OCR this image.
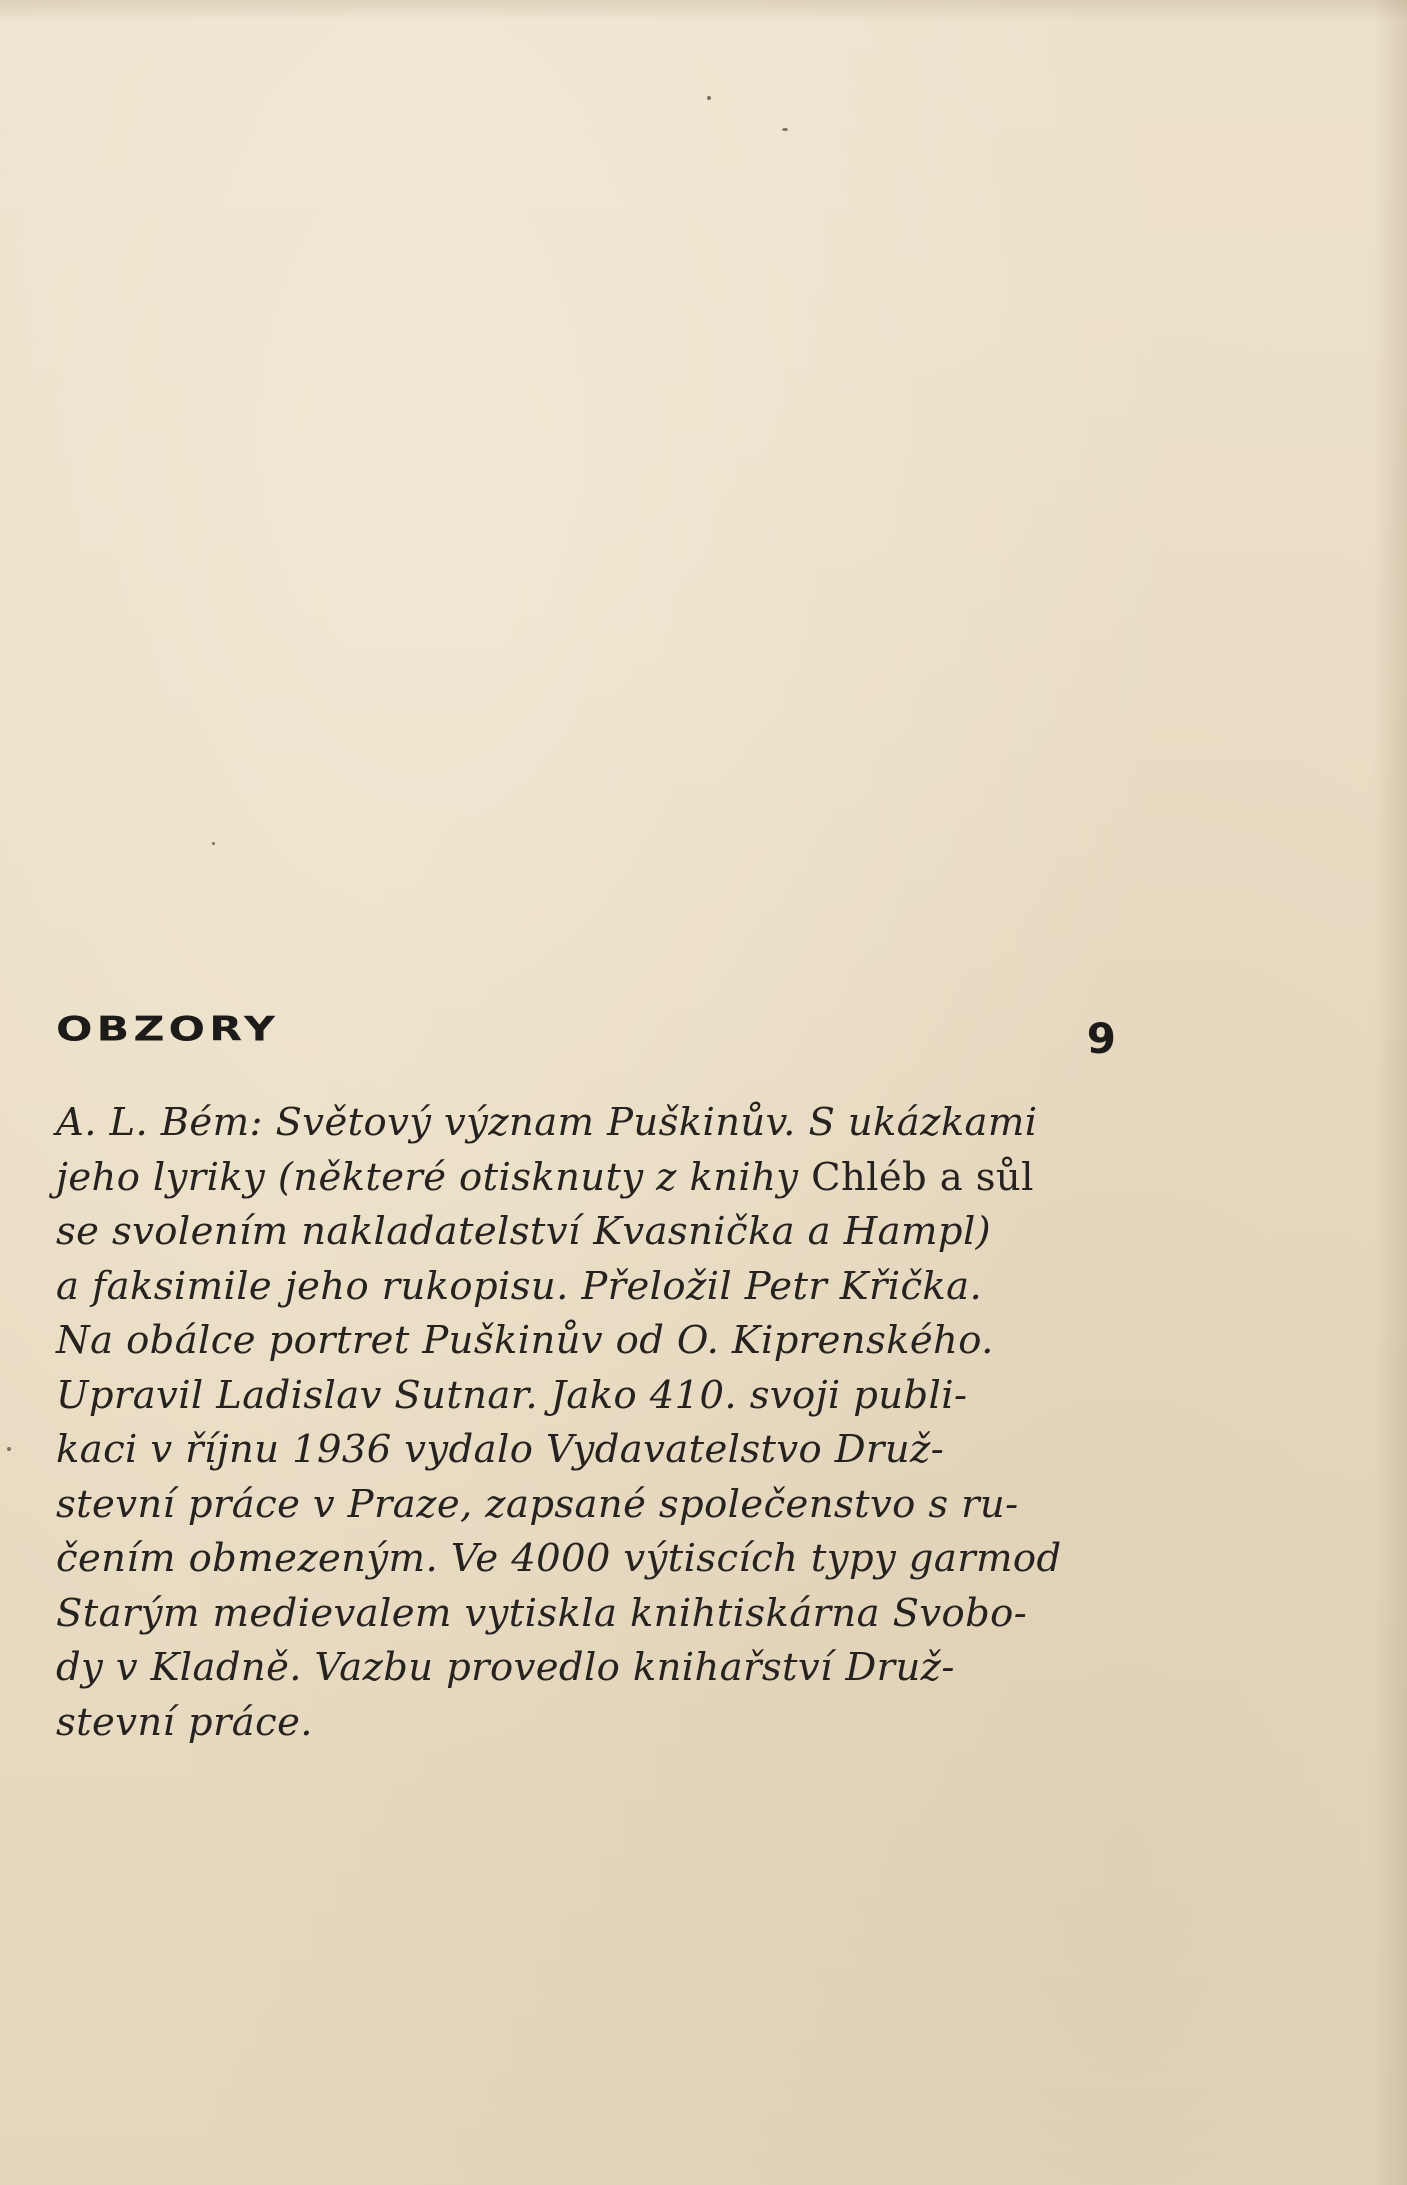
OBZORY	9

A. L. Bém: Světový význam Puškinův. S ukázkami
jeho lyriky (některé otisknuty z knihy Chléb a sůl
se svolením nakladatelství Kvasnička a Hampl)
a faksimile jeho rukopisu. Přeložil Petr Křička.
Na obálce portret Puškinův od O. Kiprenského.
Upravil Ladislav Sutnar. Jako 410. svoji publi-
kaci v říjnu 1936 vydalo Vydavatelstvo Druž-
stevní práce v Praze, zapsané společenstvo s ru-
čením obmezeným. Ve 4000 výtiscích typy garmod
Starým medievalem vytiskla knihtiskárna Svobo-
dy v Kladně. Vazbu provedlo knihařství Druž-
stevní práce.
